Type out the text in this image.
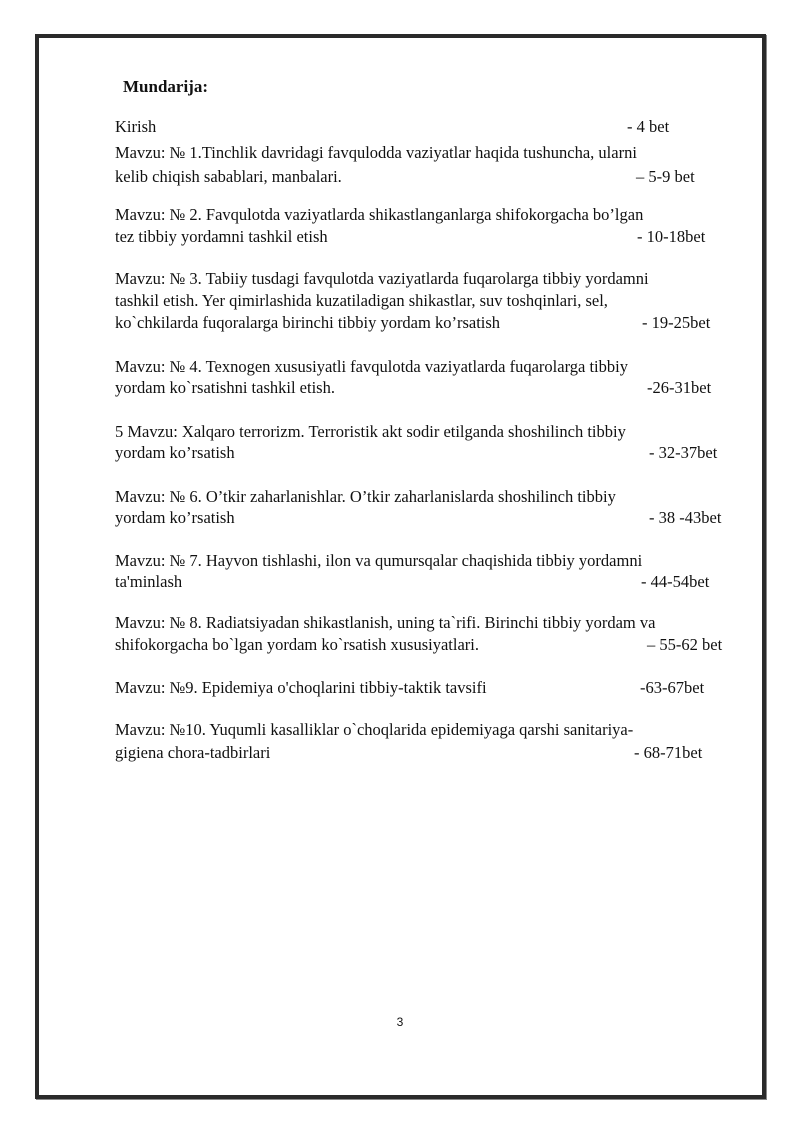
Mundarija:
Kirish	- 4 bet
Mavzu: № 1.Tinchlik davridagi favqulodda vaziyatlar haqida tushuncha, ularni
kelib chiqish sabablari, manbalari.	– 5-9 bet
Mavzu: № 2. Favqulotda vaziyatlarda shikastlanganlarga shifokorgacha bo’lgan
tez tibbiy yordamni tashkil etish	- 10-18bet
Mavzu: № 3. Tabiiy tusdagi favqulotda vaziyatlarda fuqarolarga tibbiy yordamni
tashkil etish. Yer qimirlashida kuzatiladigan shikastlar, suv toshqinlari, sel,
ko`chkilarda fuqoralarga birinchi tibbiy yordam ko’rsatish	- 19-25bet
Mavzu: № 4. Texnogen xususiyatli favqulotda vaziyatlarda fuqarolarga tibbiy
yordam ko`rsatishni tashkil etish.	-26-31bet
5 Mavzu: Xalqaro terrorizm. Terroristik akt sodir etilganda shoshilinch tibbiy
yordam ko’rsatish	- 32-37bet
Mavzu: № 6. O’tkir zaharlanishlar. O’tkir zaharlanislarda shoshilinch tibbiy
yordam ko’rsatish	- 38 -43bet
Mavzu: № 7. Hayvon tishlashi, ilon va qumursqalar chaqishida tibbiy yordamni
ta'minlash	- 44-54bet
Mavzu: № 8. Radiatsiyadan shikastlanish, uning ta`rifi. Birinchi tibbiy yordam va
shifokorgacha bo`lgan yordam ko`rsatish xususiyatlari.	– 55-62 bet
Mavzu: №9. Epidemiya o'choqlarini tibbiy-taktik tavsifi	-63-67bet
Mavzu: №10. Yuqumli kasalliklar o`choqlarida epidemiyaga qarshi sanitariya-
gigiena chora-tadbirlari	- 68-71bet
3
